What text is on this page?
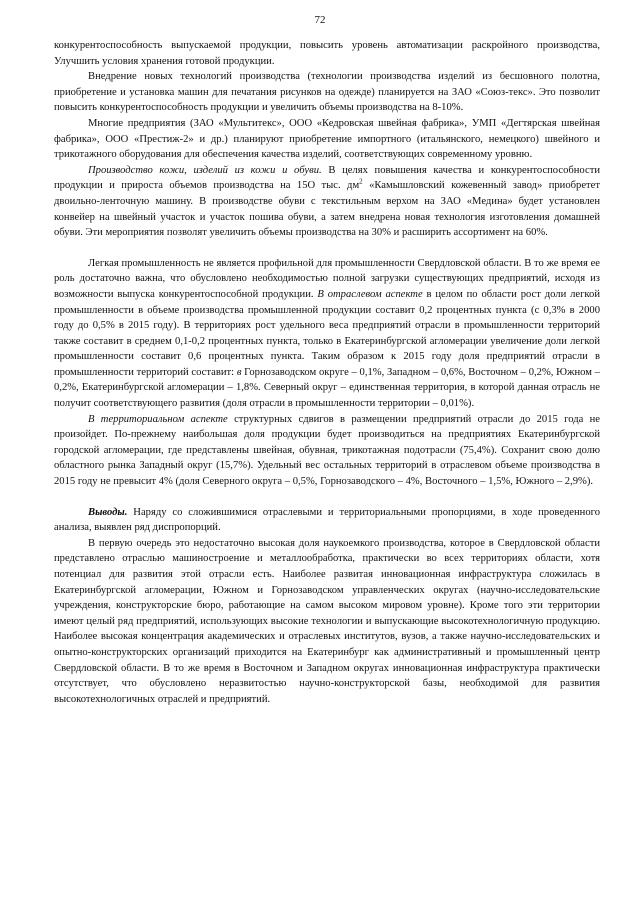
72

конкурентоспособность выпускаемой продукции, повысить уровень автоматизации раскройного производства, Улучшить условия хранения готовой продукции.

Внедрение новых технологий производства (технологии производства изделий из бесшовного полотна, приобретение и установка машин для печатания рисунков на одежде) планируется на ЗАО «Союз-текс». Это позволит повысить конкурентоспособность продукции и увеличить объемы производства на 8-10%.

Многие предприятия (ЗАО «Мультитекс», ООО «Кедровская швейная фабрика», УМП «Дегтярская швейная фабрика», ООО «Престиж-2» и др.) планируют приобретение импортного (итальянского, немецкого) швейного и трикотажного оборудования для обеспечения качества изделий, соответствующих современному уровню.

Производство кожи, изделий из кожи и обуви. В целях повышения качества и конкурентоспособности продукции и прироста объемов производства на 15О тыс. $дм^2$ «Камышловский кожевенный завод» приобретет двоильно-ленточную машину. В производстве обуви с текстильным верхом на ЗАО «Медина» будет установлен конвейер на швейный участок и участок пошива обуви, а затем внедрена новая технология изготовления домашней обуви. Эти мероприятия позволят увеличить объемы производства на 30% и расширить ассортимент на 60%.

Легкая промышленность не является профильной для промышленности Свердловской области. В то же время ее роль достаточно важна, что обусловлено необходимостью полной загрузки существующих предприятий, исходя из возможности выпуска конкурентоспособной продукции. В отраслевом аспекте в целом по области рост доли легкой промышленности в объеме производства промышленной продукции составит 0,2 процентных пункта (с 0,3% в 2000 году до 0,5% в 2015 году). В территориях рост удельного веса предприятий отрасли в промышленности территорий также составит в среднем 0,1-0,2 процентных пункта, только в Екатеринбургской агломерации увеличение доли легкой промышленности составит 0,6 процентных пункта. Таким образом к 2015 году доля предприятий отрасли в промышленности территорий составит: в Горнозаводском округе – 0,1%, Западном – 0,6%, Восточном – 0,2%, Южном – 0,2%, Екатеринбургской агломерации – 1,8%. Северный округ – единственная территория, в которой данная отрасль не получит соответствующего развития (доля отрасли в промышленности территории – 0,01%).

В территориальном аспекте структурных сдвигов в размещении предприятий отрасли до 2015 года не произойдет. По-прежнему наибольшая доля продукции будет производиться на предприятиях Екатеринбургской городской агломерации, где представлены швейная, обувная, трикотажная подотрасли (75,4%). Сохранит свою долю областного рынка Западный округ (15,7%). Удельный вес остальных территорий в отраслевом объеме производства в 2015 году не превысит 4% (доля Северного округа – 0,5%, Горнозаводского – 4%, Восточного – 1,5%, Южного – 2,9%).

Выводы. Наряду со сложившимися отраслевыми и территориальными пропорциями, в ходе проведенного анализа, выявлен ряд диспропорций.

В первую очередь это недостаточно высокая доля наукоемкого производства, которое в Свердловской области представлено отраслью машиностроение и металлообработка, практически во всех территориях области, хотя потенциал для развития этой отрасли есть. Наиболее развитая инновационная инфраструктура сложилась в Екатеринбургской агломерации, Южном и Горнозаводском управленческих округах (научно-исследовательские учреждения, конструкторские бюро, работающие на самом высоком мировом уровне). Кроме того эти территории имеют целый ряд предприятий, использующих высокие технологии и выпускающие высокотехнологичную продукцию. Наиболее высокая концентрация академических и отраслевых институтов, вузов, а также научно-исследовательских и опытно-конструкторских организаций приходится на Екатеринбург как административный и промышленный центр Свердловской области. В то же время в Восточном и Западном округах инновационная инфраструктура практически отсутствует, что обусловлено неразвитостью научно-конструкторской базы, необходимой для развития высокотехнологичных отраслей и предприятий.
